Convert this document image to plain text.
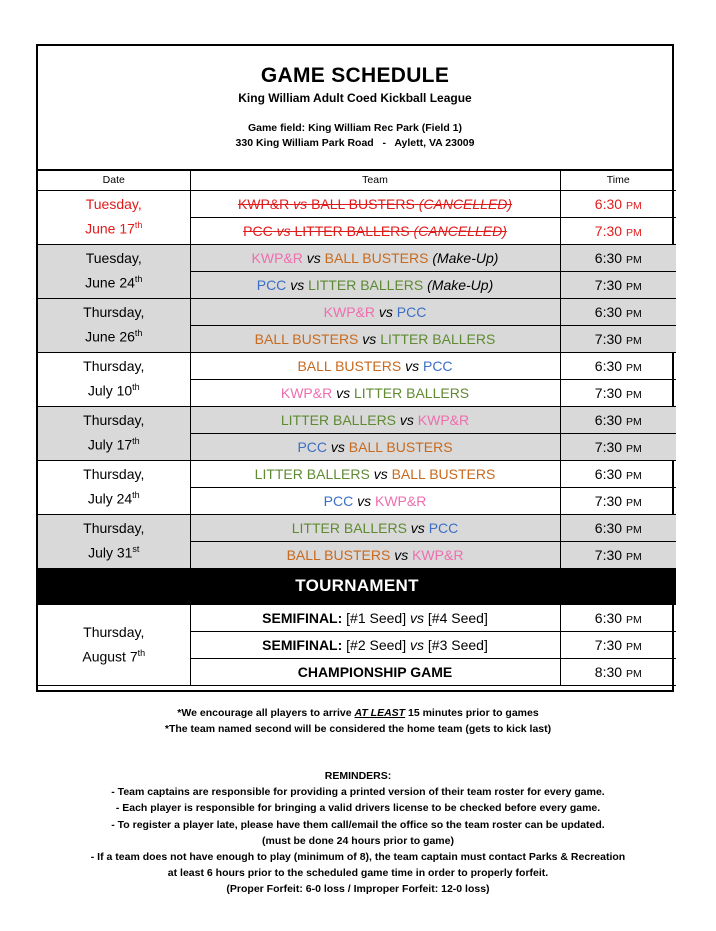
GAME SCHEDULE
King William Adult Coed Kickball League
Game field: King William Rec Park (Field 1)
330 King William Park Road   -   Aylett, VA 23009
Date	Team	Time
Tuesday,
June 17th	KWP&R vs BALL BUSTERS (CANCELLED)	6:30 PM
	PCC vs LITTER BALLERS (CANCELLED)	7:30 PM
Tuesday,
June 24th	KWP&R vs BALL BUSTERS (Make-Up)	6:30 PM
	PCC vs LITTER BALLERS (Make-Up)	7:30 PM
Thursday,
June 26th	KWP&R vs PCC	6:30 PM
	BALL BUSTERS vs LITTER BALLERS	7:30 PM
Thursday,
July 10th	BALL BUSTERS vs PCC	6:30 PM
	KWP&R vs LITTER BALLERS	7:30 PM
Thursday,
July 17th	LITTER BALLERS vs KWP&R	6:30 PM
	PCC vs BALL BUSTERS	7:30 PM
Thursday,
July 24th	LITTER BALLERS vs BALL BUSTERS	6:30 PM
	PCC vs KWP&R	7:30 PM
Thursday,
July 31st	LITTER BALLERS vs PCC	6:30 PM
	BALL BUSTERS vs KWP&R	7:30 PM
TOURNAMENT		
Thursday,
August 7th	SEMIFINAL: [#1 Seed] vs [#4 Seed]	6:30 PM
	SEMIFINAL: [#2 Seed] vs [#3 Seed]	7:30 PM
	CHAMPIONSHIP GAME	8:30 PM
*We encourage all players to arrive AT LEAST 15 minutes prior to games
*The team named second will be considered the home team (gets to kick last)
REMINDERS:
- Team captains are responsible for providing a printed version of their team roster for every game.
- Each player is responsible for bringing a valid drivers license to be checked before every game.
- To register a player late, please have them call/email the office so the team roster can be updated.
(must be done 24 hours prior to game)
- If a team does not have enough to play (minimum of 8), the team captain must contact Parks & Recreation
at least 6 hours prior to the scheduled game time in order to properly forfeit.
(Proper Forfeit: 6-0 loss / Improper Forfeit: 12-0 loss)
